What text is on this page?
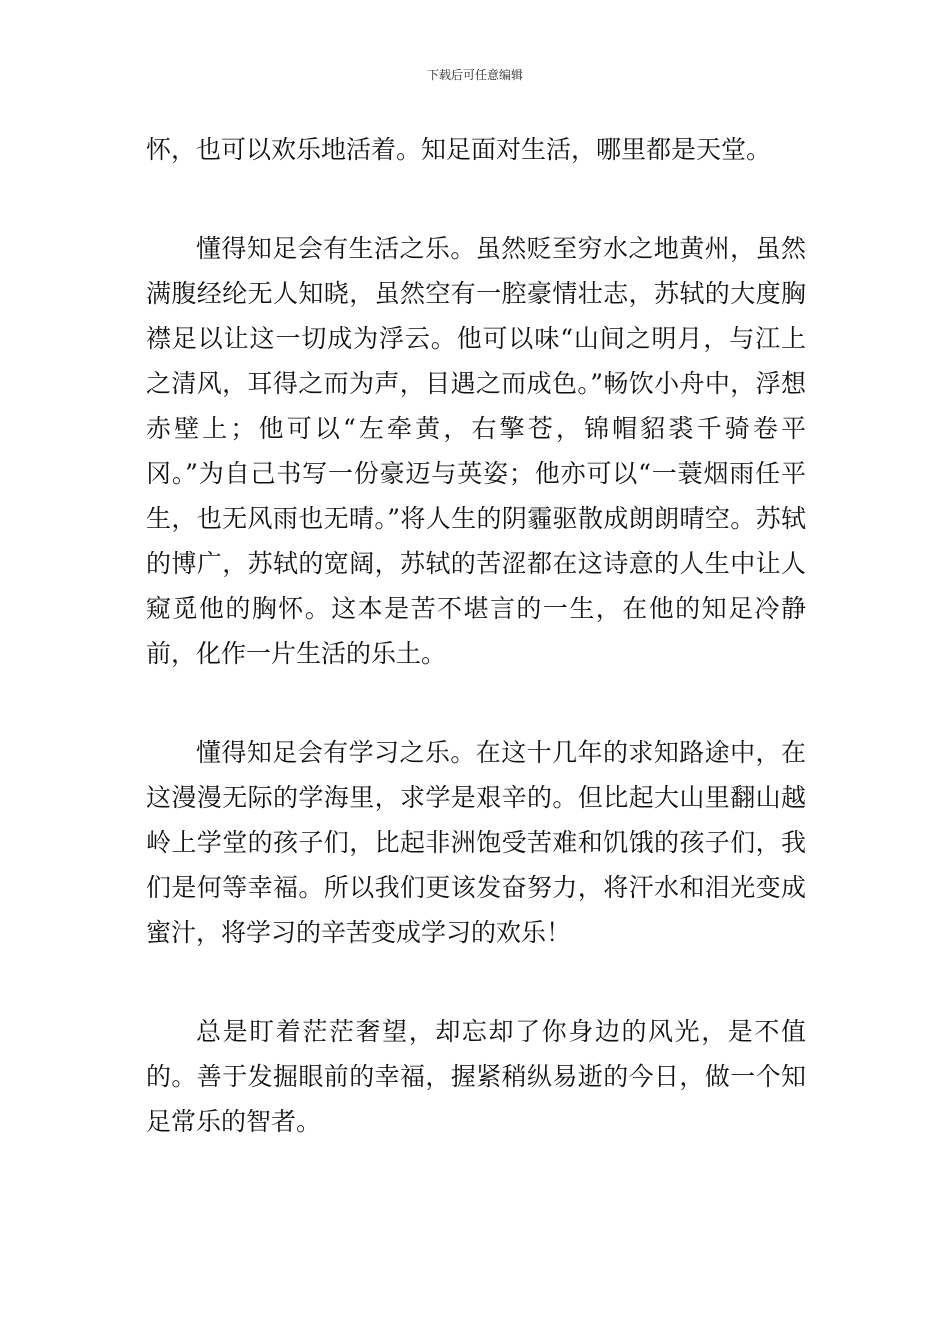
下载后可任意编辑

怀，也可以欢乐地活着。知足面对生活，哪里都是天堂。

懂得知足会有生活之乐。虽然贬至穷水之地黄州，虽然满腹经纶无人知晓，虽然空有一腔豪情壮志，苏轼的大度胸襟足以让这一切成为浮云。他可以味“山间之明月，与江上之清风，耳得之而为声，目遇之而成色。”畅饮小舟中，浮想赤壁上；他可以“左牵黄，右擎苍，锦帽貂裘千骑卷平冈。”为自己书写一份豪迈与英姿；他亦可以“一蓑烟雨任平生，也无风雨也无晴。”将人生的阴霾驱散成朗朗晴空。苏轼的博广，苏轼的宽阔，苏轼的苦涩都在这诗意的人生中让人窥觅他的胸怀。这本是苦不堪言的一生，在他的知足冷静前，化作一片生活的乐土。

懂得知足会有学习之乐。在这十几年的求知路途中，在这漫漫无际的学海里，求学是艰辛的。但比起大山里翻山越岭上学堂的孩子们，比起非洲饱受苦难和饥饿的孩子们，我们是何等幸福。所以我们更该发奋努力，将汗水和泪光变成蜜汁，将学习的辛苦变成学习的欢乐！

总是盯着茫茫奢望，却忘却了你身边的风光，是不值的。善于发掘眼前的幸福，握紧稍纵易逝的今日，做一个知足常乐的智者。
